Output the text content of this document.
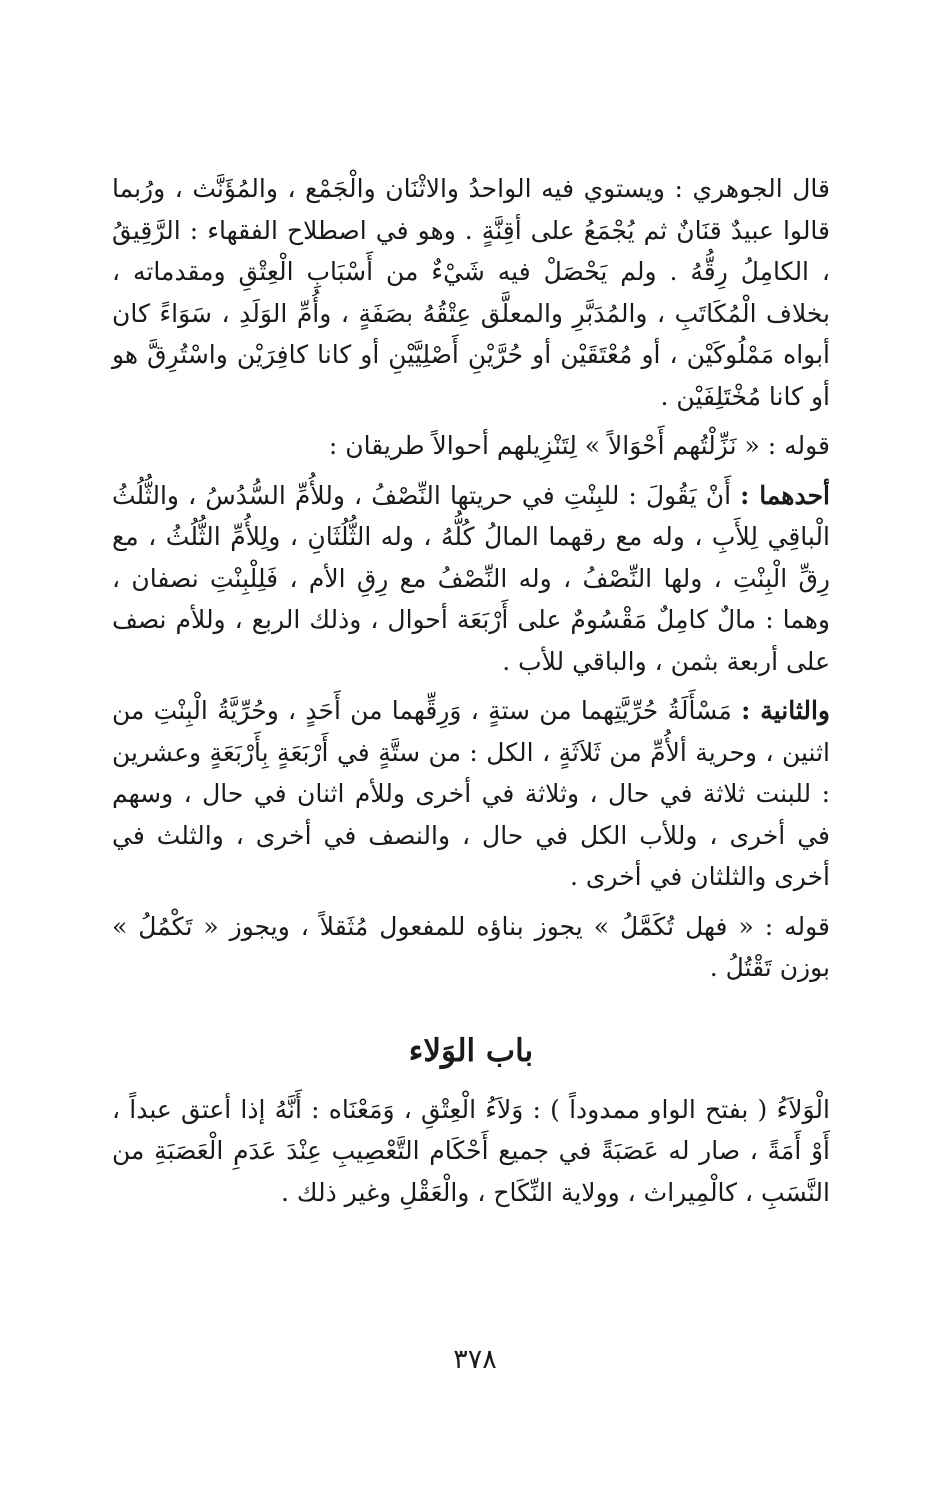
قال الجوهري : ويستوي فيه الواحدُ والاثْنَان والْجَمْع ، والمُؤَنَّث ، ورُبما قالوا عبيدٌ قنَانٌ ثم يُجْمَعُ على أقِنَّةٍ . وهو في اصطلاح الفقهاء : الرَّقِيقُ ، الكامِلُ رِقُّهُ . ولم يَحْصَلْ فيه شَيْءٌ من أَسْبَابِ الْعِتْقِ ومقدماته ، بخلاف الْمُكَاتَبِ ، والمُدَبَّرِ والمعلَّق عِتْقُهُ بصَفَةٍ ، وأُمِّ الوَلَدِ ، سَوَاءً كان أبواه مَمْلُوكَيْن ، أو مُعْتَقَيْن أو حُرَّيْنِ أَصْلِيَّيْنِ أو كانا كافِرَيْن واسْتُرِقَّ هو أو كانا مُخْتَلِفَيْن .

قوله : « نَزِّلْتُهم أَحْوَالاً » لِتَنْزِيلهم أحوالاً طريقان :

أحدهما : أَنْ يَقُولَ : للبِنْتِ في حريتها النِّصْفُ ، وللأُمِّ السُّدُسُ ، والثُّلُثُ الْباقِي لِلأَبِ ، وله مع رقهما المالُ كُلُّهُ ، وله الثُّلُثَانِ ، ولِلأُمِّ الثُّلُثُ ، مع رِقِّ الْبِنْتِ ، ولها النِّصْفُ ، وله النِّصْفُ مع رِقِ الأم ، فَلِلْبِنْتِ نصفان ، وهما : مالٌ كامِلٌ مَقْسُومٌ على أَرْبَعَة أحوال ، وذلك الربع ، وللأم نصف على أربعة بثمن ، والباقي للأب .

والثانية : مَسْأَلَةُ حُرِّيَّتِهما من ستةٍ ، وَرِقِّهما من أَحَدٍ ، وحُرِّيَّةُ الْبِنْتِ من اثنين ، وحرية ألأُمِّ من ثَلاَثَةٍ ، الكل : من ستَّةٍ في أَرْبَعَةٍ بِأَرْبَعَةٍ وعشرين : للبنت ثلاثة في حال ، وثلاثة في أخرى وللأم اثنان في حال ، وسهم في أخرى ، وللأب الكل في حال ، والنصف في أخرى ، والثلث في أخرى والثلثان في أخرى .

قوله : « فهل تُكَمَّلُ » يجوز بناؤه للمفعول مُثَقلاً ، ويجوز « تَكْمُلُ » بوزن تَقْتُلُ .

باب الوَلاء

الْوَلاَءُ ( بفتح الواو ممدوداً ) : وَلاَءُ الْعِتْقِ ، وَمَعْنَاه : أَنَّهُ إذا أعتق عبداً ، أَوْ أَمَةً ، صار له عَصَبَةً في جميع أَحْكَام التَّعْصِيبِ عِنْدَ عَدَمِ الْعَصَبَةِ من النَّسَبِ ، كالْمِيراث ، وولاية النِّكَاح ، والْعَقْلِ وغير ذلك .

٣٧٨
